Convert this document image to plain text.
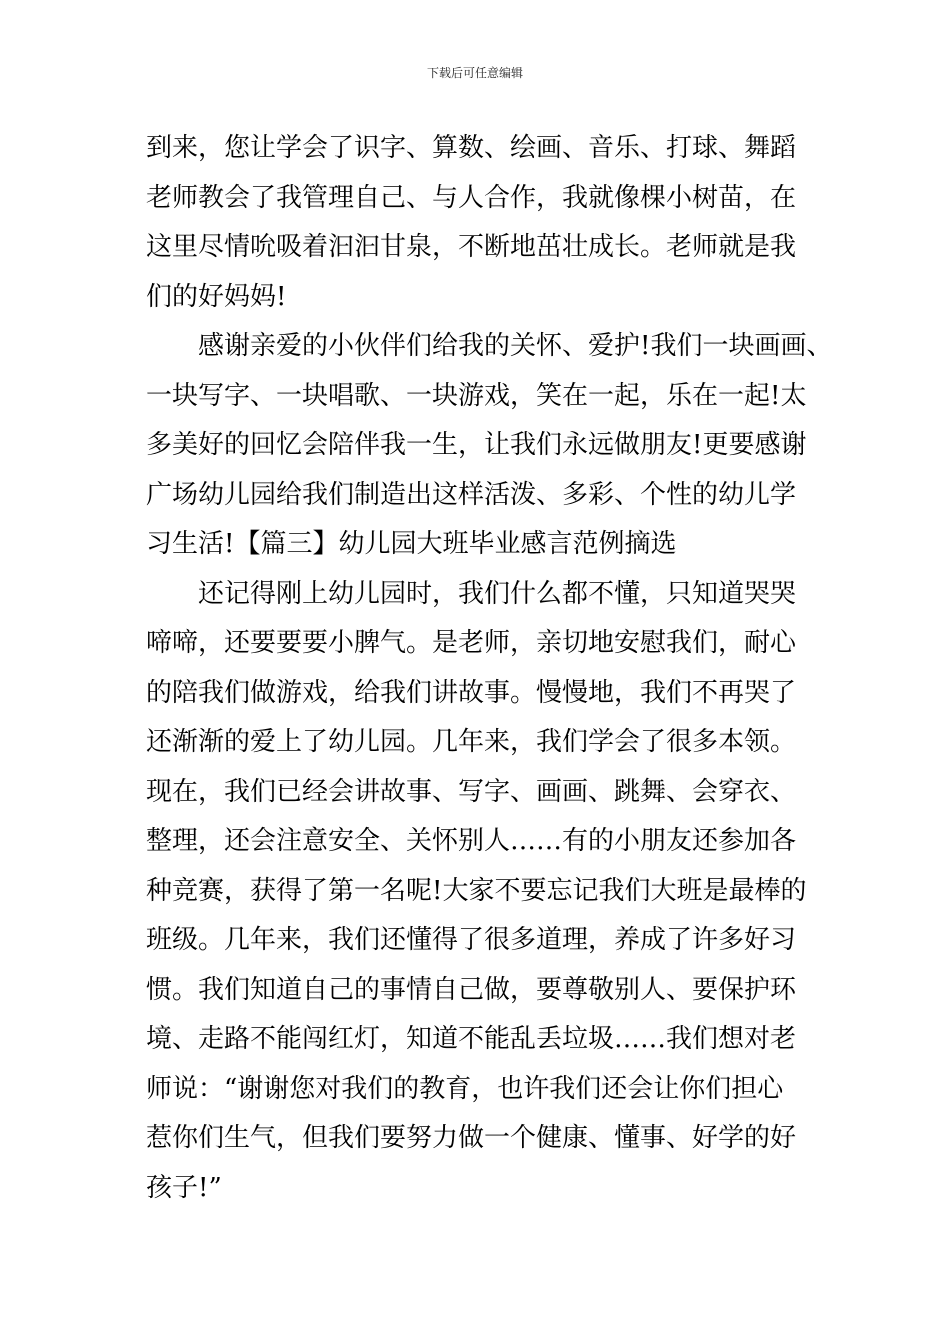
下载后可任意编辑
到来，您让学会了识字、算数、绘画、音乐、打球、舞蹈
老师教会了我管理自己、与人合作，我就像棵小树苗，在
这里尽情吮吸着汩汩甘泉，不断地茁壮成长。老师就是我
们的好妈妈!
感谢亲爱的小伙伴们给我的关怀、爱护!我们一块画画、
一块写字、一块唱歌、一块游戏，笑在一起，乐在一起!太
多美好的回忆会陪伴我一生，让我们永远做朋友!更要感谢
广场幼儿园给我们制造出这样活泼、多彩、个性的幼儿学
习生活!【篇三】幼儿园大班毕业感言范例摘选
还记得刚上幼儿园时，我们什么都不懂，只知道哭哭
啼啼，还要要要小脾气。是老师，亲切地安慰我们，耐心
的陪我们做游戏，给我们讲故事。慢慢地，我们不再哭了
还渐渐的爱上了幼儿园。几年来，我们学会了很多本领。
现在，我们已经会讲故事、写字、画画、跳舞、会穿衣、
整理，还会注意安全、关怀别人……有的小朋友还参加各
种竞赛，获得了第一名呢!大家不要忘记我们大班是最棒的
班级。几年来，我们还懂得了很多道理，养成了许多好习
惯。我们知道自己的事情自己做，要尊敬别人、要保护环
境、走路不能闯红灯，知道不能乱丢垃圾……我们想对老
师说：“谢谢您对我们的教育，也许我们还会让你们担心
惹你们生气，但我们要努力做一个健康、懂事、好学的好
孩子!”
